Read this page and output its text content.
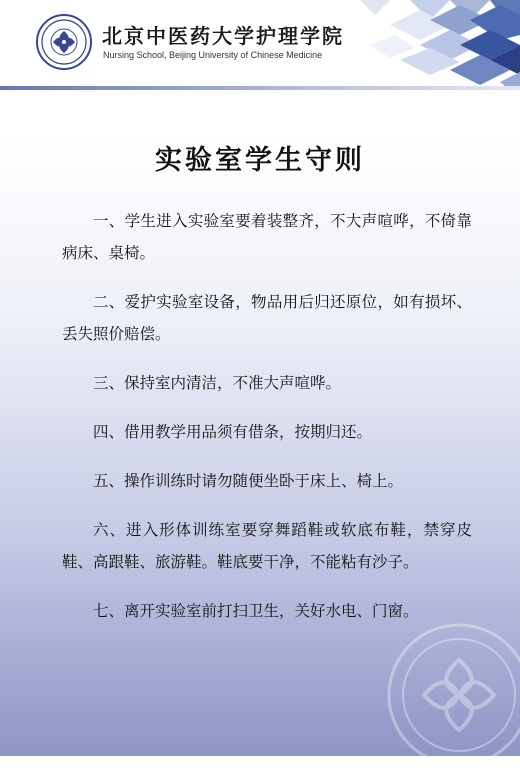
北京中医药大学护理学院
Nursing School, Beijing University of Chinese Medicine
实验室学生守则

一、学生进入实验室要着装整齐，不大声喧哗，不倚靠病床、桌椅。

二、爱护实验室设备，物品用后归还原位，如有损坏、丢失照价赔偿。

三、保持室内清洁，不准大声喧哗。

四、借用教学用品须有借条，按期归还。

五、操作训练时请勿随便坐卧于床上、椅上。

六、进入形体训练室要穿舞蹈鞋或软底布鞋，禁穿皮鞋、高跟鞋、旅游鞋。鞋底要干净，不能粘有沙子。

七、离开实验室前打扫卫生，关好水电、门窗。
